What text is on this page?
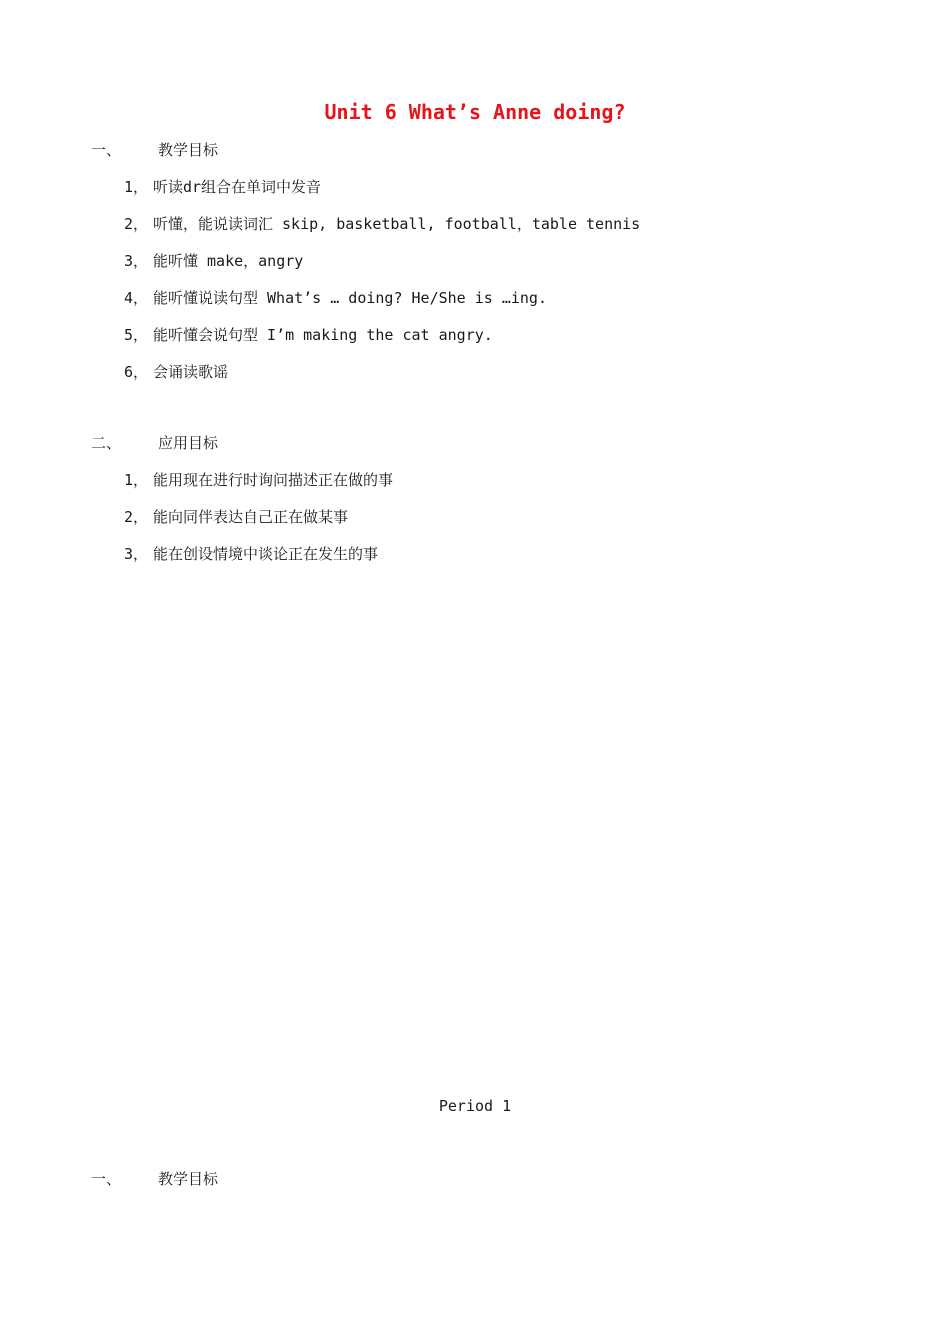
Unit 6 What’s Anne doing?
一、 教学目标
1， 听读dr组合在单词中发音
2， 听懂，能说读词汇 skip, basketball, football，table tennis
3， 能听懂 make，angry
4， 能听懂说读句型 What’s … doing? He/She is …ing.
5， 能听懂会说句型 I’m making the cat angry.
6， 会诵读歌谣
二、 应用目标
1， 能用现在进行时询问描述正在做的事
2， 能向同伴表达自己正在做某事
3， 能在创设情境中谈论正在发生的事
Period 1
一、 教学目标
